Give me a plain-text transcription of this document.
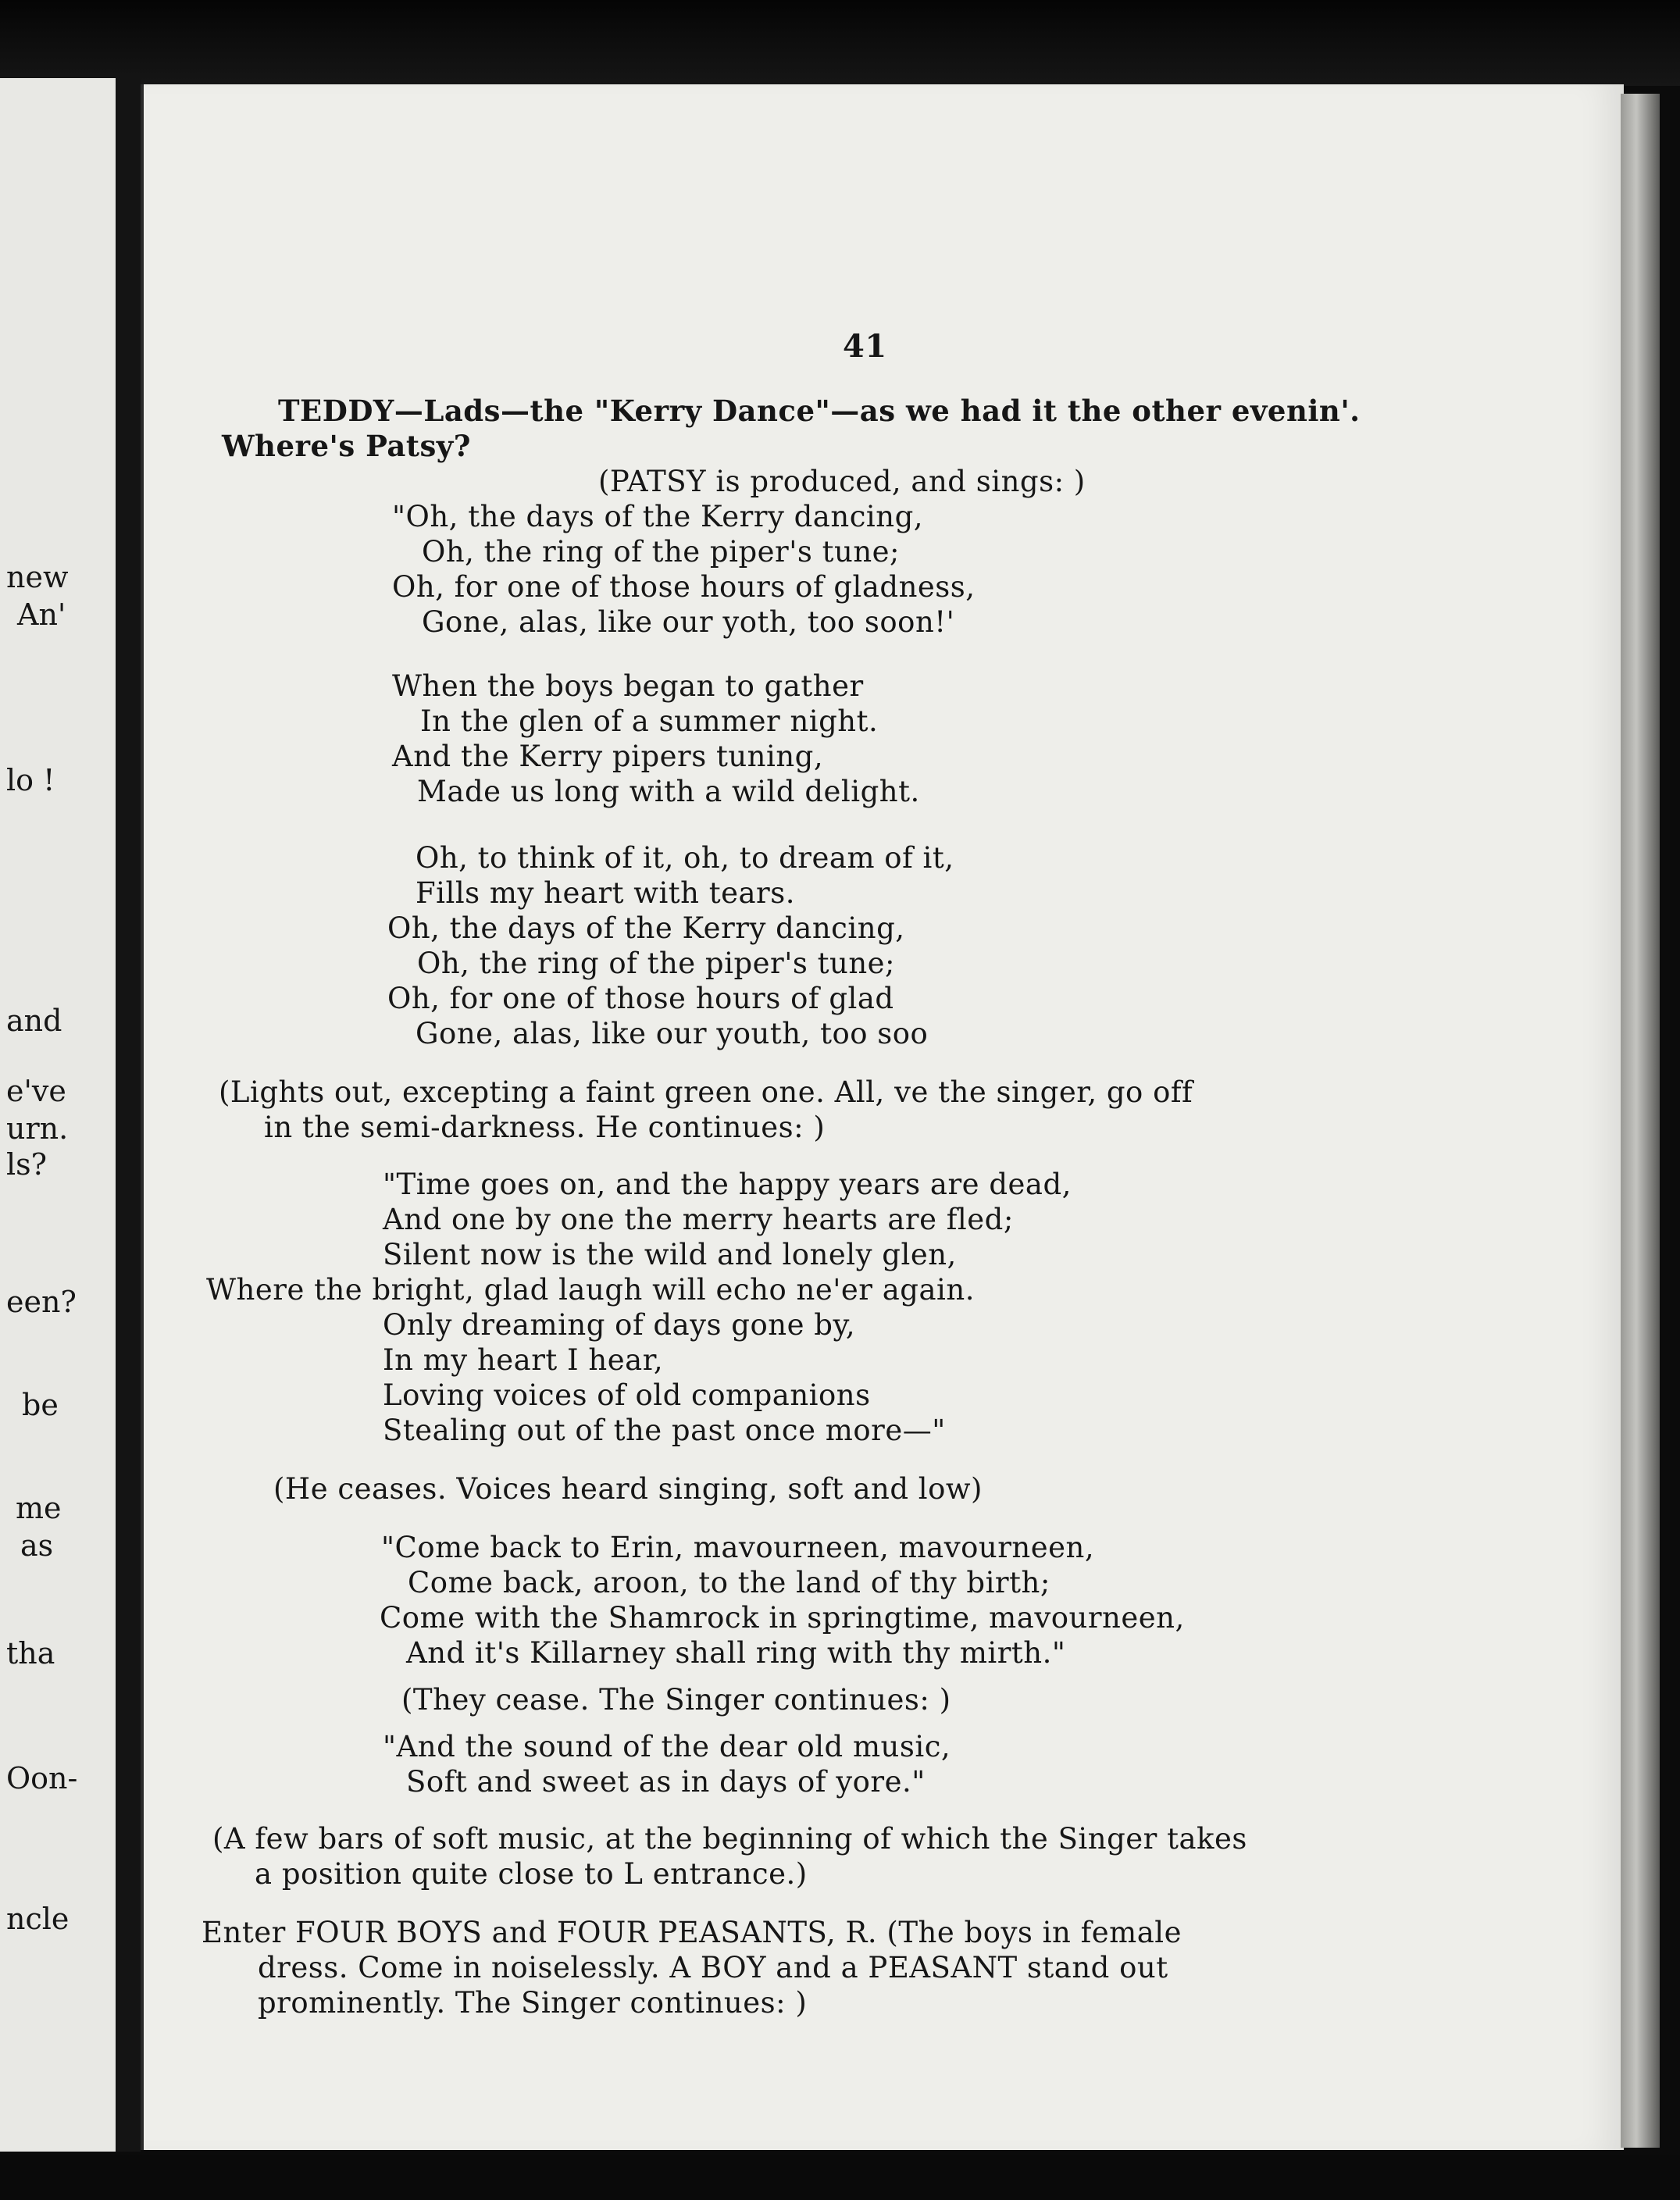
new
An'
lo !
and
e've
urn.
ls?
een?
be
me
as
tha
Oon-
ncle
41
TEDDY—Lads—the "Kerry Dance"—as we had it the other evenin'.
Where's Patsy?
(PATSY is produced, and sings: )
"Oh, the days of the Kerry dancing,
Oh, the ring of the piper's tune;
Oh, for one of those hours of gladness,
Gone, alas, like our yoth, too soon!'
When the boys began to gather
In the glen of a summer night.
And the Kerry pipers tuning,
Made us long with a wild delight.
Oh, to think of it, oh, to dream of it,
Fills my heart with tears.
Oh, the days of the Kerry dancing,
Oh, the ring of the piper's tune;
Oh, for one of those hours of glad
Gone, alas, like our youth, too soo
(Lights out, excepting a faint green one. All, ve the singer, go off
in the semi-darkness. He continues: )
"Time goes on, and the happy years are dead,
And one by one the merry hearts are fled;
Silent now is the wild and lonely glen,
Where the bright, glad laugh will echo ne'er again.
Only dreaming of days gone by,
In my heart I hear,
Loving voices of old companions
Stealing out of the past once more—"
(He ceases. Voices heard singing, soft and low)
"Come back to Erin, mavourneen, mavourneen,
Come back, aroon, to the land of thy birth;
Come with the Shamrock in springtime, mavourneen,
And it's Killarney shall ring with thy mirth."
(They cease. The Singer continues: )
"And the sound of the dear old music,
Soft and sweet as in days of yore."
(A few bars of soft music, at the beginning of which the Singer takes
a position quite close to L entrance.)
Enter FOUR BOYS and FOUR PEASANTS, R. (The boys in female
dress. Come in noiselessly. A BOY and a PEASANT stand out
prominently. The Singer continues: )
